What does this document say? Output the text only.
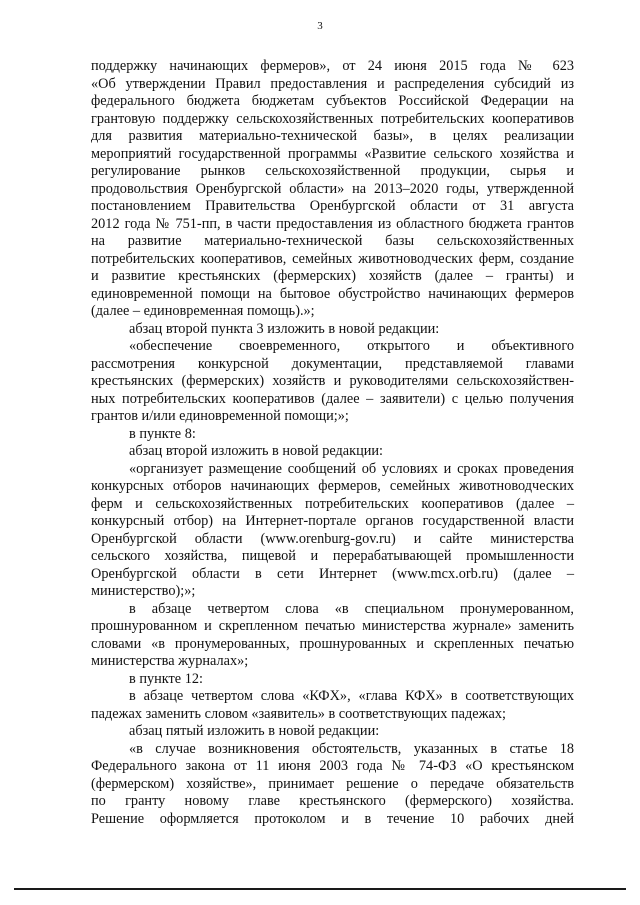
3
поддержку начинающих фермеров», от 24 июня 2015 года № 623
«Об утверждении Правил предоставления и распределения субсидий из
федерального бюджета бюджетам субъектов Российской Федерации на
грантовую поддержку сельскохозяйственных потребительских кооперативов
для развития материально-технической базы», в целях реализации
мероприятий государственной программы «Развитие сельского хозяйства и
регулирование рынков сельскохозяйственной продукции, сырья и
продовольствия Оренбургской области» на 2013–2020 годы, утвержденной
постановлением Правительства Оренбургской области от 31 августа
2012 года № 751-пп, в части предоставления из областного бюджета грантов
на развитие материально-технической базы сельскохозяйственных
потребительских кооперативов, семейных животноводческих ферм, создание
и развитие крестьянских (фермерских) хозяйств (далее – гранты) и
единовременной помощи на бытовое обустройство начинающих фермеров
(далее – единовременная помощь).»;
абзац второй пункта 3 изложить в новой редакции:
«обеспечение своевременного, открытого и объективного
рассмотрения конкурсной документации, представляемой главами
крестьянских (фермерских) хозяйств и руководителями сельскохозяйствен-
ных потребительских кооперативов (далее – заявители) с целью получения
грантов и/или единовременной помощи;»;
в пункте 8:
абзац второй изложить в новой редакции:
«организует размещение сообщений об условиях и сроках проведения
конкурсных отборов начинающих фермеров, семейных животноводческих
ферм и сельскохозяйственных потребительских кооперативов (далее –
конкурсный отбор) на Интернет-портале органов государственной власти
Оренбургской области (www.orenburg-gov.ru) и сайте министерства
сельского хозяйства, пищевой и перерабатывающей промышленности
Оренбургской области в сети Интернет (www.mcx.orb.ru) (далее –
министерство);»;
в абзаце четвертом слова «в специальном пронумерованном,
прошнурованном и скрепленном печатью министерства журнале» заменить
словами «в пронумерованных, прошнурованных и скрепленных печатью
министерства журналах»;
в пункте 12:
в абзаце четвертом слова «КФХ», «глава КФХ» в соответствующих
падежах заменить словом «заявитель» в соответствующих падежах;
абзац пятый изложить в новой редакции:
«в случае возникновения обстоятельств, указанных в статье 18
Федерального закона от 11 июня 2003 года № 74-ФЗ «О крестьянском
(фермерском) хозяйстве», принимает решение о передаче обязательств
по гранту новому главе крестьянского (фермерского) хозяйства.
Решение оформляется протоколом и в течение 10 рабочих дней
